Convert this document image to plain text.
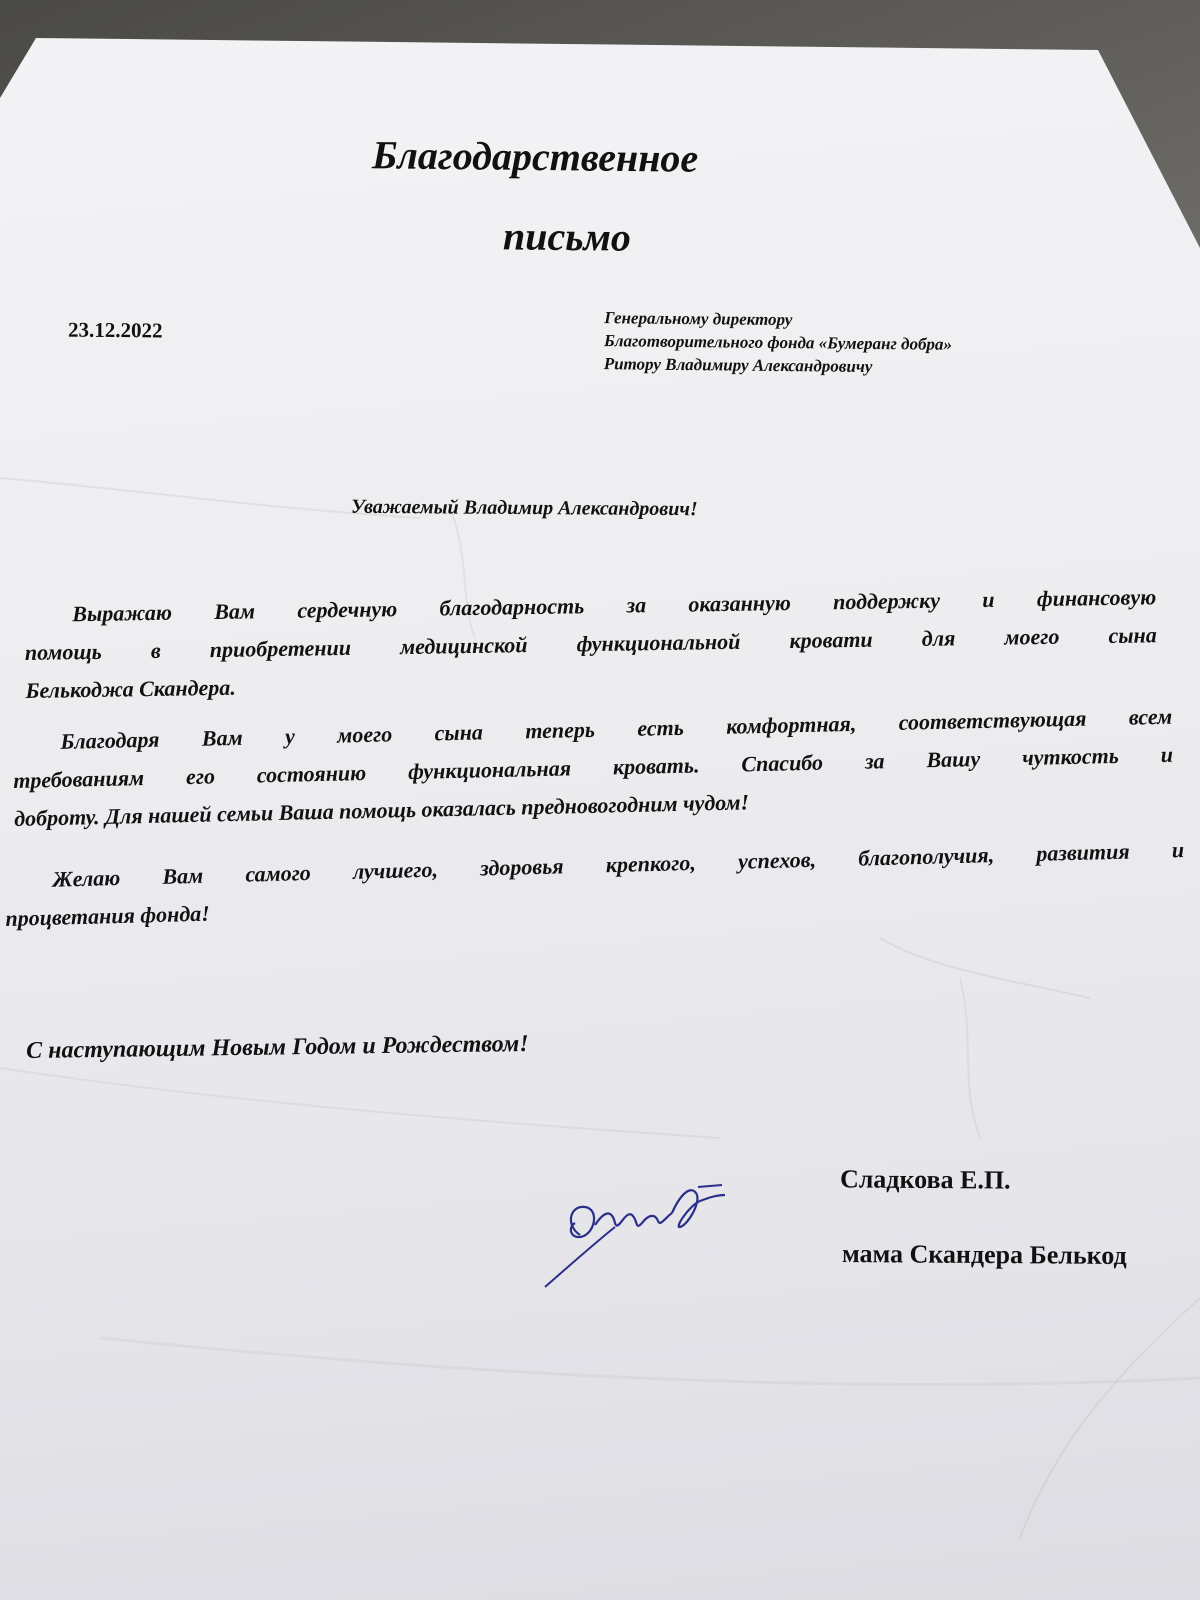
Благодарственное
письмо
23.12.2022	Генеральному директору
Благотворительного фонда «Бумеранг добра»
Ритору Владимиру Александровичу
Уважаемый Владимир Александрович!
Выражаю Вам сердечную благодарность за оказанную поддержку и финансовую
помощь в приобретении медицинской функциональной кровати для моего сына
Белькоджа Скандера.
Благодаря Вам у моего сына теперь есть комфортная, соответствующая всем
требованиям его состоянию функциональная кровать. Спасибо за Вашу чуткость и
доброту. Для нашей семьи Ваша помощь оказалась предновогодним чудом!
Желаю Вам самого лучшего, здоровья крепкого, успехов, благополучия, развития и
процветания фонда!
С наступающим Новым Годом и Рождеством!
Сладкова Е.П.
мама Скандера Белькод
